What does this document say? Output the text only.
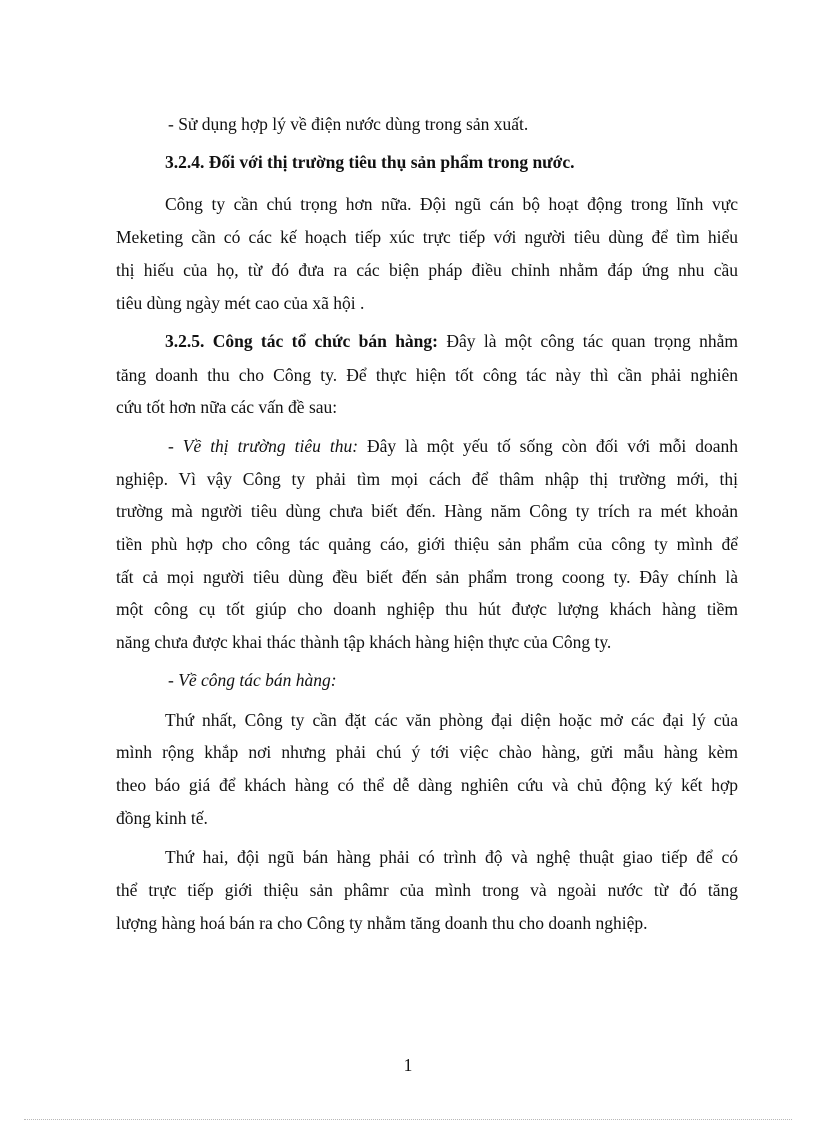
- Sử dụng hợp lý về điện nước dùng trong sản xuất.
3.2.4. Đối với thị trường tiêu thụ sản phẩm trong nước.
Công ty cần chú trọng hơn nữa. Đội ngũ cán bộ hoạt động trong lĩnh vực
Meketing cần có các kế hoạch tiếp xúc trực tiếp với người tiêu dùng để tìm hiểu
thị hiếu của họ, từ đó đưa ra các biện pháp điều chỉnh nhằm đáp ứng nhu cầu
tiêu dùng ngày mét cao của xã hội .
3.2.5. Công tác tổ chức bán hàng: Đây là một công tác quan trọng nhằm
tăng doanh thu cho Công ty. Để thực hiện tốt công tác này thì cần phải nghiên
cứu tốt hơn nữa các vấn đề sau:
- Về thị trường tiêu thu: Đây là một yếu tố sống còn đối với mỗi doanh
nghiệp. Vì vậy Công ty phải tìm mọi cách để thâm nhập thị trường mới, thị
trường mà người tiêu dùng chưa biết đến. Hàng năm Công ty trích ra mét khoản
tiền phù hợp cho công tác quảng cáo, giới thiệu sản phẩm của công ty mình để
tất cả mọi người tiêu dùng đều biết đến sản phẩm trong coong ty. Đây chính là
một công cụ tốt giúp cho doanh nghiệp thu hút được lượng khách hàng tiềm
năng chưa được khai thác thành tập khách hàng hiện thực của Công ty.
- Về công tác bán hàng:
Thứ nhất, Công ty cần đặt các văn phòng đại diện hoặc mở các đại lý của
mình rộng khắp nơi nhưng phải chú ý tới việc chào hàng, gửi mẫu hàng kèm
theo báo giá để khách hàng có thể dễ dàng nghiên cứu và chủ động ký kết hợp
đồng kinh tế.
Thứ hai, đội ngũ bán hàng phải có trình độ và nghệ thuật giao tiếp để có
thể trực tiếp giới thiệu sản phâmr của mình trong và ngoài nước từ đó tăng
lượng hàng hoá bán ra cho Công ty nhằm tăng doanh thu cho doanh nghiệp.
1
